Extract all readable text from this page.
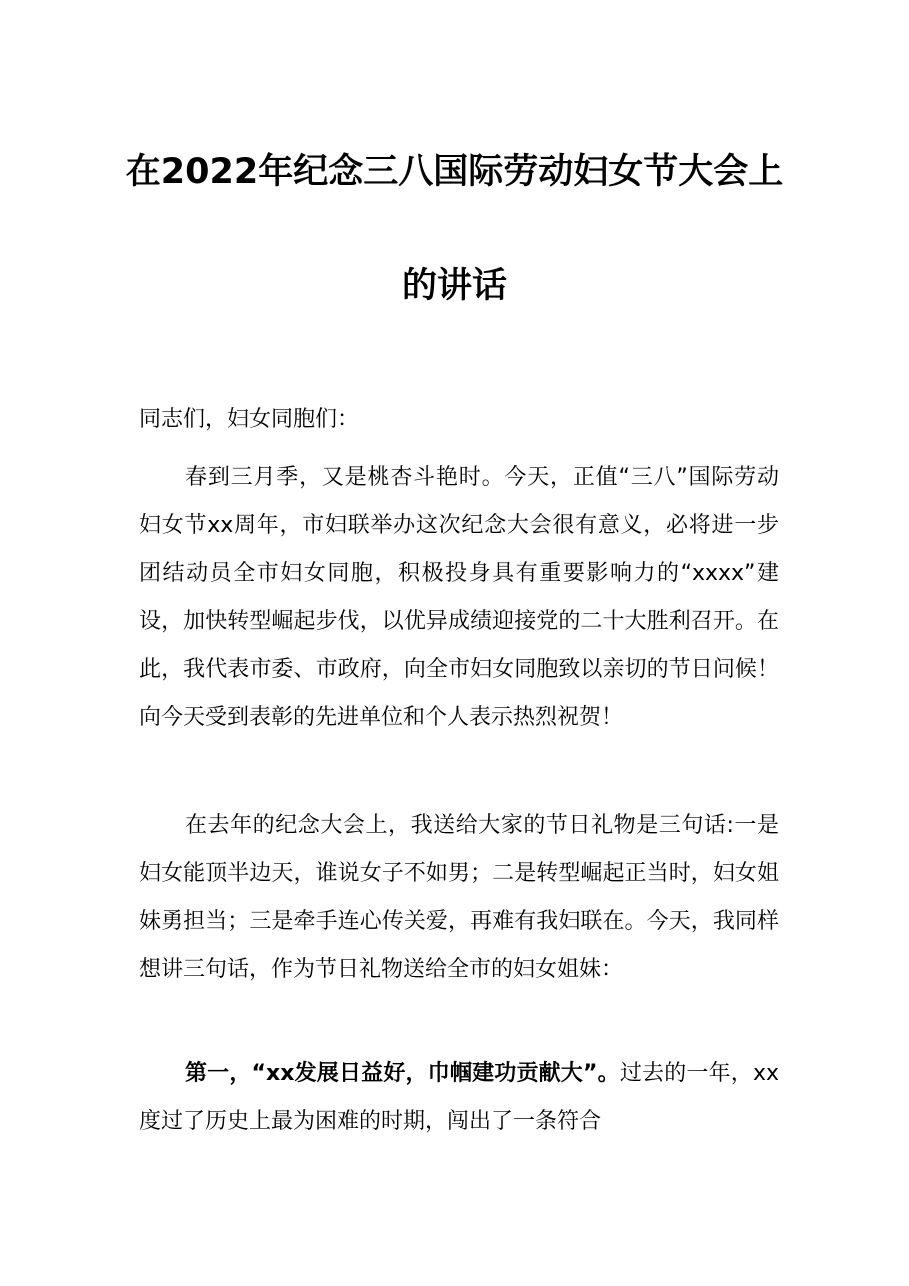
在2022年纪念三八国际劳动妇女节大会上
的讲话
同志们，妇女同胞们：
春到三月季，又是桃杏斗艳时。今天，正值“三八”国际劳动妇女节xx周年，市妇联举办这次纪念大会很有意义，必将进一步团结动员全市妇女同胞，积极投身具有重要影响力的“xxxx”建设，加快转型崛起步伐，以优异成绩迎接党的二十大胜利召开。在此，我代表市委、市政府，向全市妇女同胞致以亲切的节日问候！向今天受到表彰的先进单位和个人表示热烈祝贺！
在去年的纪念大会上，我送给大家的节日礼物是三句话:一是妇女能顶半边天，谁说女子不如男；二是转型崛起正当时，妇女姐妹勇担当；三是牵手连心传关爱，再难有我妇联在。今天，我同样想讲三句话，作为节日礼物送给全市的妇女姐妹：
第一，“xx发展日益好，巾帼建功贡献大”。过去的一年，xx度过了历史上最为困难的时期，闯出了一条符合
